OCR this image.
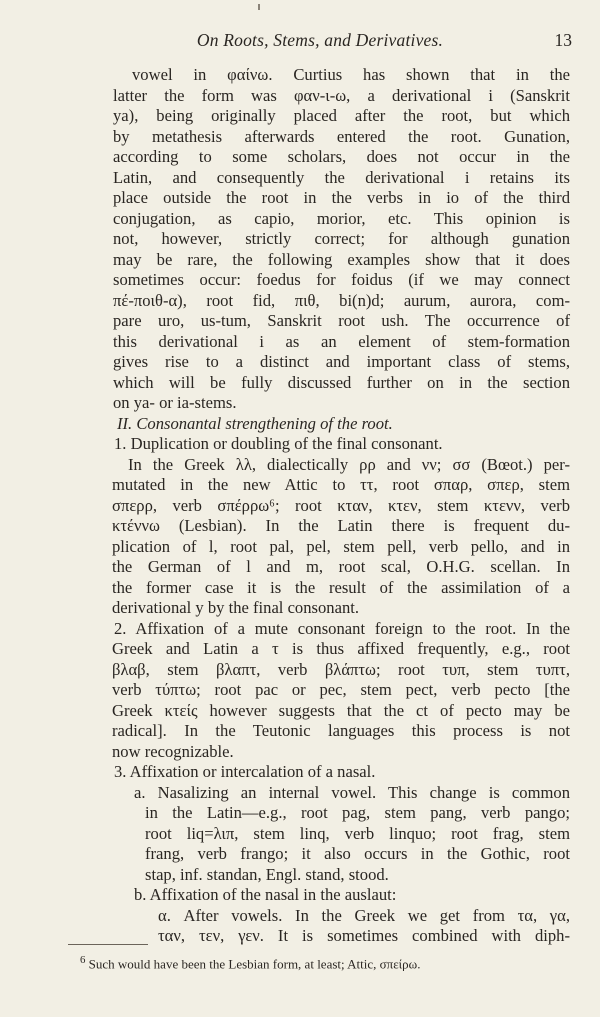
On Roots, Stems, and Derivatives.	13
vowel in φαίνω. Curtius has shown that in the
latter the form was φαν-ι-ω, a derivational i (Sanskrit
ya), being originally placed after the root, but which
by metathesis afterwards entered the root. Gunation,
according to some scholars, does not occur in the
Latin, and consequently the derivational i retains its
place outside the root in the verbs in io of the third
conjugation, as capio, morior, etc. This opinion is
not, however, strictly correct; for although gunation
may be rare, the following examples show that it does
sometimes occur: foedus for foidus (if we may connect
πέ-ποιθ-α), root fid, πιθ, bi(n)d; aurum, aurora, com-
pare uro, us-tum, Sanskrit root ush. The occurrence of
this derivational i as an element of stem-formation
gives rise to a distinct and important class of stems,
which will be fully discussed further on in the section
on ya- or ia-stems.
II. Consonantal strengthening of the root.
1. Duplication or doubling of the final consonant.
In the Greek λλ, dialectically ρρ and νν; σσ (Bœot.) per-
mutated in the new Attic to ττ, root σπαρ, σπερ, stem
σπερρ, verb σπέρρω⁶; root κταν, κτεν, stem κτενν, verb
κτέννω (Lesbian). In the Latin there is frequent du-
plication of l, root pal, pel, stem pell, verb pello, and in
the German of l and m, root scal, O.H.G. scellan. In
the former case it is the result of the assimilation of a
derivational y by the final consonant.
2. Affixation of a mute consonant foreign to the root. In the
Greek and Latin a τ is thus affixed frequently, e.g., root
βλαβ, stem βλαπτ, verb βλάπτω; root τυπ, stem τυπτ,
verb τύπτω; root pac or pec, stem pect, verb pecto [the
Greek κτείς however suggests that the ct of pecto may be
radical]. In the Teutonic languages this process is not
now recognizable.
3. Affixation or intercalation of a nasal.
a. Nasalizing an internal vowel. This change is common
in the Latin—e.g., root pag, stem pang, verb pango;
root liq=λιπ, stem linq, verb linquo; root frag, stem
frang, verb frango; it also occurs in the Gothic, root
stap, inf. standan, Engl. stand, stood.
b. Affixation of the nasal in the auslaut:
α. After vowels. In the Greek we get from τα, γα,
ταν, τεν, γεν. It is sometimes combined with diph-
$^6$ Such would have been the Lesbian form, at least; Attic, σπείρω.
